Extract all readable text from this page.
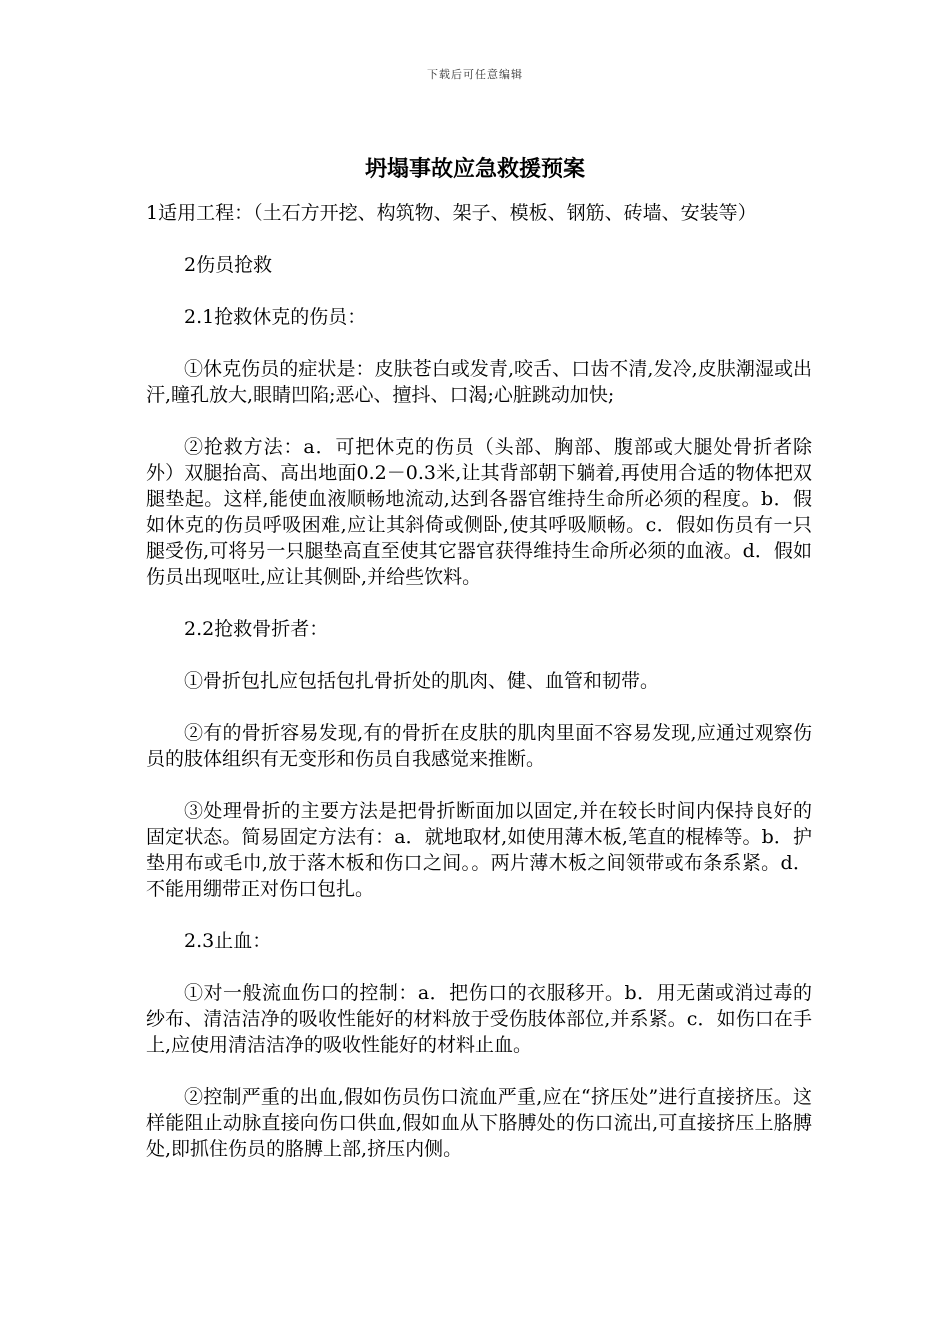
下载后可任意编辑
坍塌事故应急救援预案

1适用工程：（土石方开挖、构筑物、架子、模板、钢筋、砖墙、安装等）

2伤员抢救

2.1抢救休克的伤员：

①休克伤员的症状是：皮肤苍白或发青,咬舌、口齿不清,发冷,皮肤潮湿或出汗,瞳孔放大,眼睛凹陷;恶心、擅抖、口渴;心脏跳动加快;

②抢救方法：a．可把休克的伤员（头部、胸部、腹部或大腿处骨折者除外）双腿抬高、高出地面0.2－0.3米,让其背部朝下躺着,再使用合适的物体把双腿垫起。这样,能使血液顺畅地流动,达到各器官维持生命所必须的程度。b．假如休克的伤员呼吸困难,应让其斜倚或侧卧,使其呼吸顺畅。c．假如伤员有一只腿受伤,可将另一只腿垫高直至使其它器官获得维持生命所必须的血液。d．假如伤员出现呕吐,应让其侧卧,并给些饮料。

2.2抢救骨折者：

①骨折包扎应包括包扎骨折处的肌肉、健、血管和韧带。

②有的骨折容易发现,有的骨折在皮肤的肌肉里面不容易发现,应通过观察伤员的肢体组织有无变形和伤员自我感觉来推断。

③处理骨折的主要方法是把骨折断面加以固定,并在较长时间内保持良好的固定状态。简易固定方法有：a．就地取材,如使用薄木板,笔直的棍棒等。b．护垫用布或毛巾,放于落木板和伤口之间。。两片薄木板之间领带或布条系紧。d．不能用绷带正对伤口包扎。

2.3止血：

①对一般流血伤口的控制：a．把伤口的衣服移开。b．用无菌或消过毒的纱布、清洁洁净的吸收性能好的材料放于受伤肢体部位,并系紧。c．如伤口在手上,应使用清洁洁净的吸收性能好的材料止血。

②控制严重的出血,假如伤员伤口流血严重,应在“挤压处”进行直接挤压。这样能阻止动脉直接向伤口供血,假如血从下胳膊处的伤口流出,可直接挤压上胳膊处,即抓住伤员的胳膊上部,挤压内侧。
